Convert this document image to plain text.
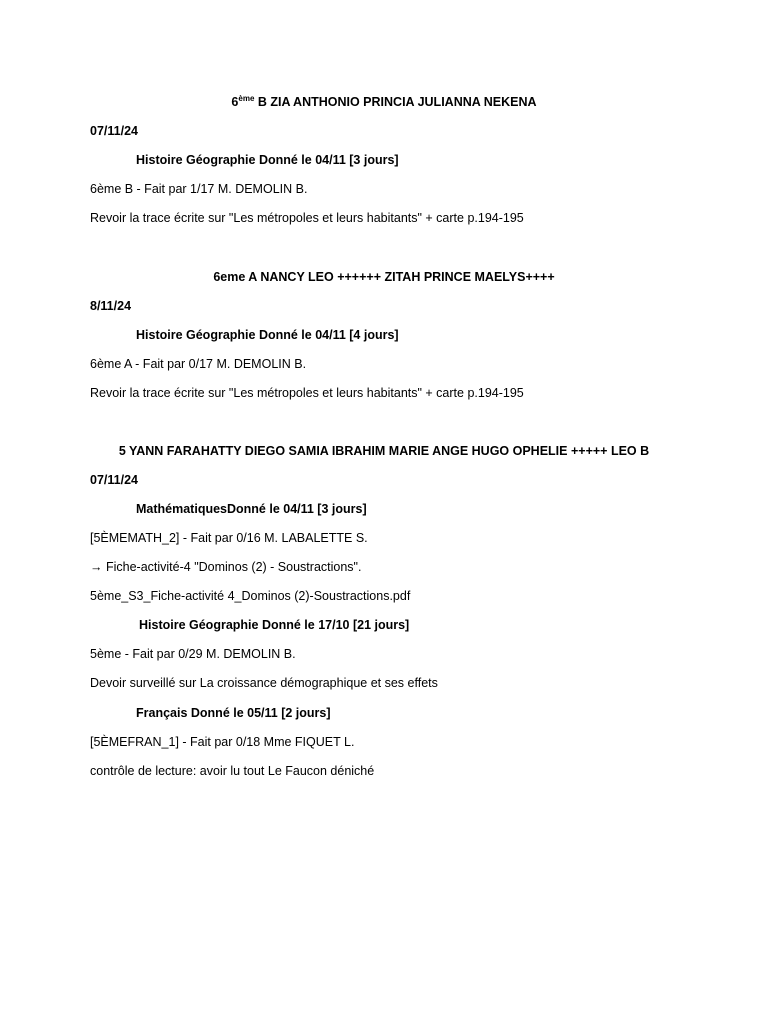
6ème B ZIA ANTHONIO PRINCIA JULIANNA NEKENA
07/11/24
Histoire Géographie Donné le 04/11 [3 jours]
6ème B - Fait par 1/17 M. DEMOLIN B.
Revoir la trace écrite sur "Les métropoles et leurs habitants" + carte p.194-195
6eme A NANCY LEO ++++++ ZITAH PRINCE MAELYS++++
8/11/24
Histoire Géographie Donné le 04/11 [4 jours]
6ème A - Fait par 0/17 M. DEMOLIN B.
Revoir la trace écrite sur "Les métropoles et leurs habitants" + carte p.194-195
5 YANN FARAHATTY DIEGO SAMIA IBRAHIM MARIE ANGE HUGO OPHELIE +++++ LEO B
07/11/24
MathématiquesDonné le 04/11 [3 jours]
[5ÈMEMATH_2] - Fait par 0/16 M. LABALETTE S.
→ Fiche-activité-4 "Dominos (2) - Soustractions".
5ème_S3_Fiche-activité 4_Dominos (2)-Soustractions.pdf
Histoire Géographie Donné le 17/10 [21 jours]
5ème - Fait par 0/29 M. DEMOLIN B.
Devoir surveillé sur La croissance démographique et ses effets
Français Donné le 05/11 [2 jours]
[5ÈMEFRAN_1] - Fait par 0/18 Mme FIQUET L.
contrôle de lecture: avoir lu tout Le Faucon déniché
